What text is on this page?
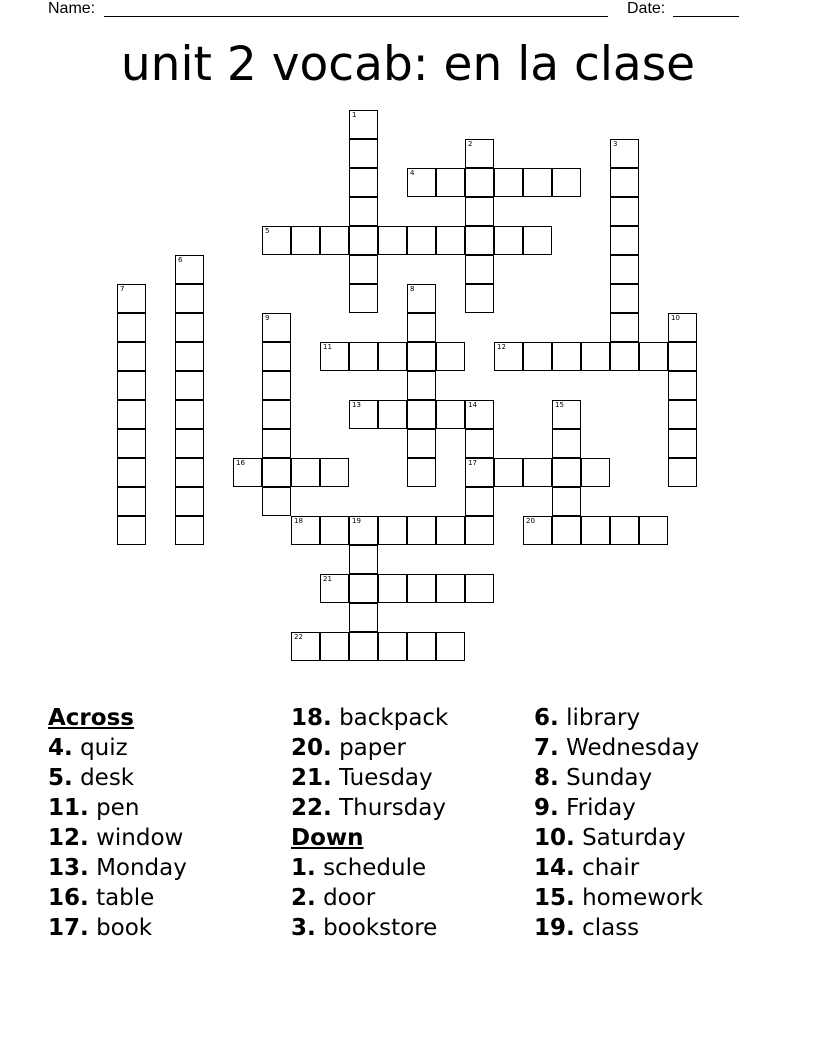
Name:	Date:
unit 2 vocab: en la clase
1
2	3
4
5
6
7	8
9	10
11	12
13	14
17
15
16
18	19	20
21
22
Across
4. quiz
5. desk
11. pen
12. window
13. Monday
16. table
17. book
18. backpack
20. paper
21. Tuesday
22. Thursday
Down
1. schedule
2. door
3. bookstore
6. library
7. Wednesday
8. Sunday
9. Friday
10. Saturday
14. chair
15. homework
19. class
